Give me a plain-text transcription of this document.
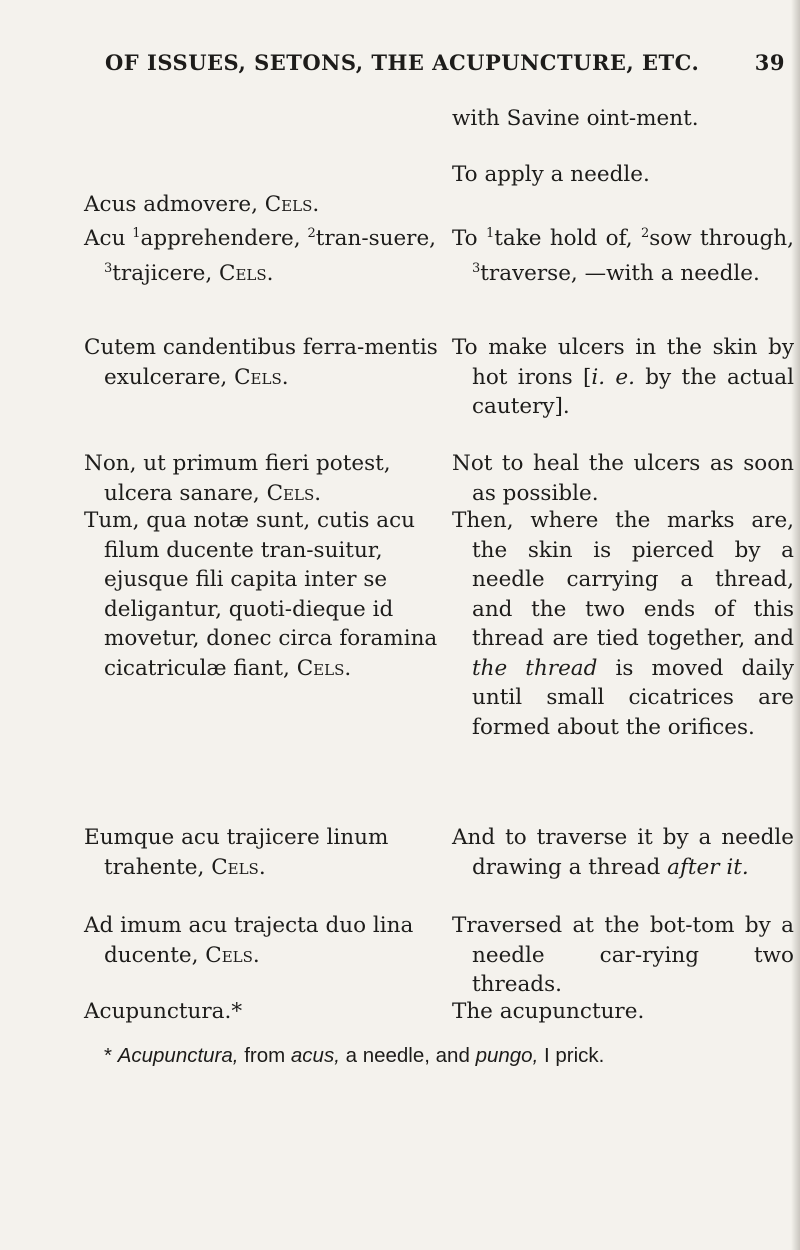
OF ISSUES, SETONS, THE ACUPUNCTURE, ETC.	39
Acus admovere, Cels.
with Savine oint-ment.
To apply a needle.
Acu $^1$apprehendere, $^2$tran-suere, $^3$trajicere, Cels.
To $^1$take hold of, $^2$sow through, $^3$traverse, —with a needle.
Cutem candentibus ferra-mentis exulcerare, Cels.
To make ulcers in the skin by hot irons [i. e. by the actual cautery].
Non, ut primum fieri potest, ulcera sanare, Cels.
Not to heal the ulcers as soon as possible.
Tum, qua notæ sunt, cutis acu filum ducente tran-suitur, ejusque fili capita inter se deligantur, quoti-dieque id movetur, donec circa foramina cicatriculæ fiant, Cels.
Then, where the marks are, the skin is pierced by a needle carrying a thread, and the two ends of this thread are tied together, and the thread is moved daily until small cicatrices are formed about the orifices.
Eumque acu trajicere linum trahente, Cels.
And to traverse it by a needle drawing a thread after it.
Ad imum acu trajecta duo lina ducente, Cels.
Traversed at the bot-tom by a needle car-rying two threads.
Acupunctura.*	The acupuncture.
* Acupunctura, from acus, a needle, and pungo, I prick.
